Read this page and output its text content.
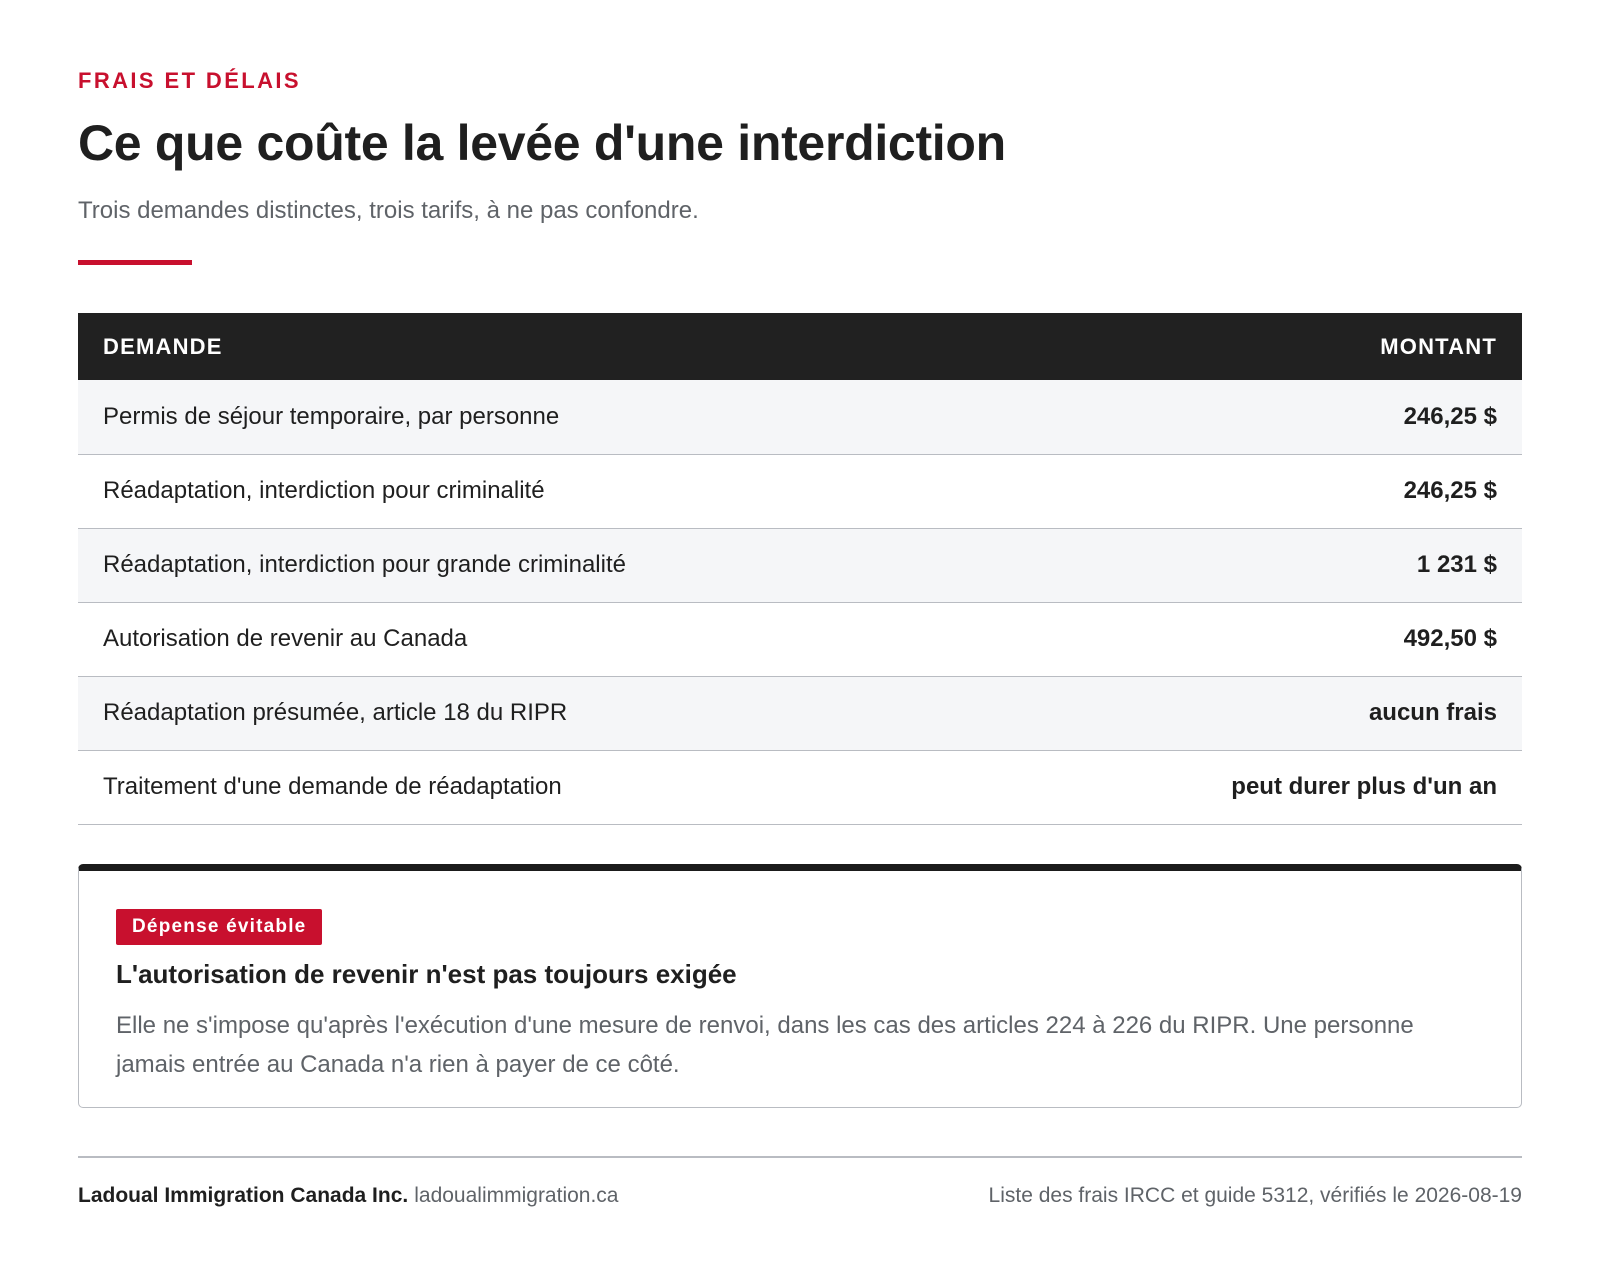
FRAIS ET DÉLAIS
Ce que coûte la levée d'une interdiction

Trois demandes distinctes, trois tarifs, à ne pas confondre.

DEMANDE	MONTANT
Permis de séjour temporaire, par personne	246,25 $
Réadaptation, interdiction pour criminalité	246,25 $
Réadaptation, interdiction pour grande criminalité	1 231 $
Autorisation de revenir au Canada	492,50 $
Réadaptation présumée, article 18 du RIPR	aucun frais
Traitement d'une demande de réadaptation	peut durer plus d'un an
Dépense évitable
L'autorisation de revenir n'est pas toujours exigée

Elle ne s'impose qu'après l'exécution d'une mesure de renvoi, dans les cas des articles 224 à 226 du RIPR. Une personne jamais entrée au Canada n'a rien à payer de ce côté.

Ladoual Immigration Canada Inc. ladoualimmigration.ca	Liste des frais IRCC et guide 5312, vérifiés le 2026-08-19
